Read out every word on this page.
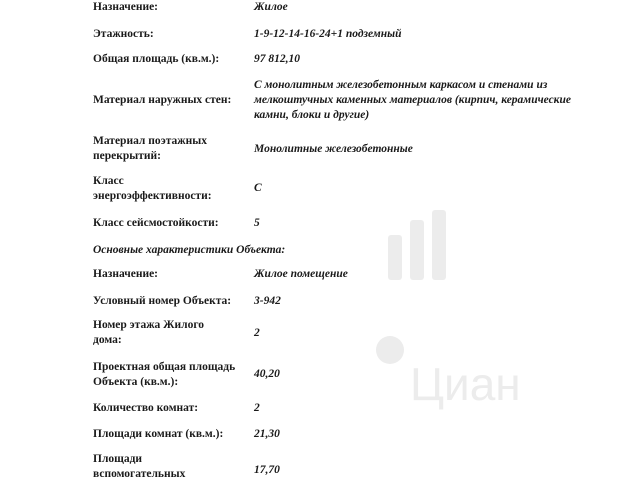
Циан
Назначение:	Жилое
Этажность:	1-9-12-14-16-24+1 подземный
Общая площадь (кв.м.):	97 812,10
Материал наружных стен:
С монолитным железобетонным каркасом и стенами из мелкоштучных каменных материалов (кирпич, керамические камни, блоки и другие)
Материал поэтажных перекрытий:
Монолитные железобетонные
Класс энергоэффективности:
C
Класс сейсмостойкости:	5
Основные характеристики Объекта:
Назначение:	Жилое помещение
Условный номер Объекта:	3-942
Номер этажа Жилого дома:
2
Проектная общая площадь Объекта (кв.м.):
40,20
Количество комнат:	2
Площади комнат (кв.м.):	21,30
Площади вспомогательных	17,70
